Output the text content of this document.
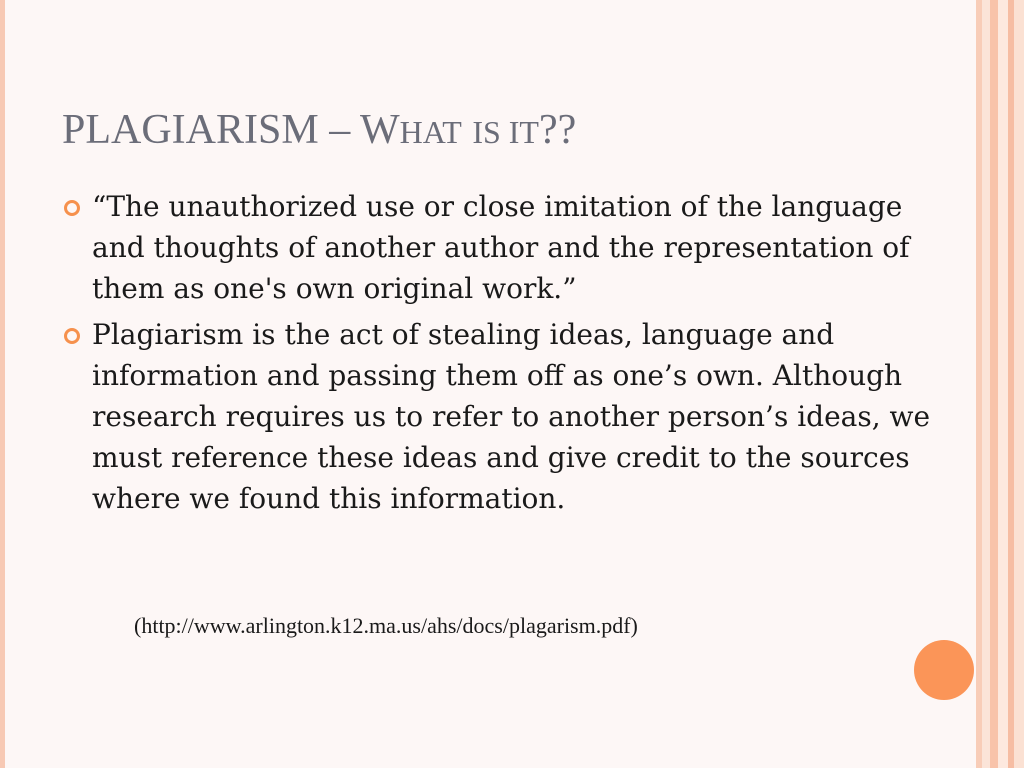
PLAGIARISM – WHAT IS IT??
“The unauthorized use or close imitation of the language and thoughts of another author and the representation of them as one's own original work.”
Plagiarism is the act of stealing ideas, language and information and passing them off as one’s own. Although research requires us to refer to another person’s ideas, we must reference these ideas and give credit to the sources where we found this information.

(http://www.arlington.k12.ma.us/ahs/docs/plagarism.pdf)
